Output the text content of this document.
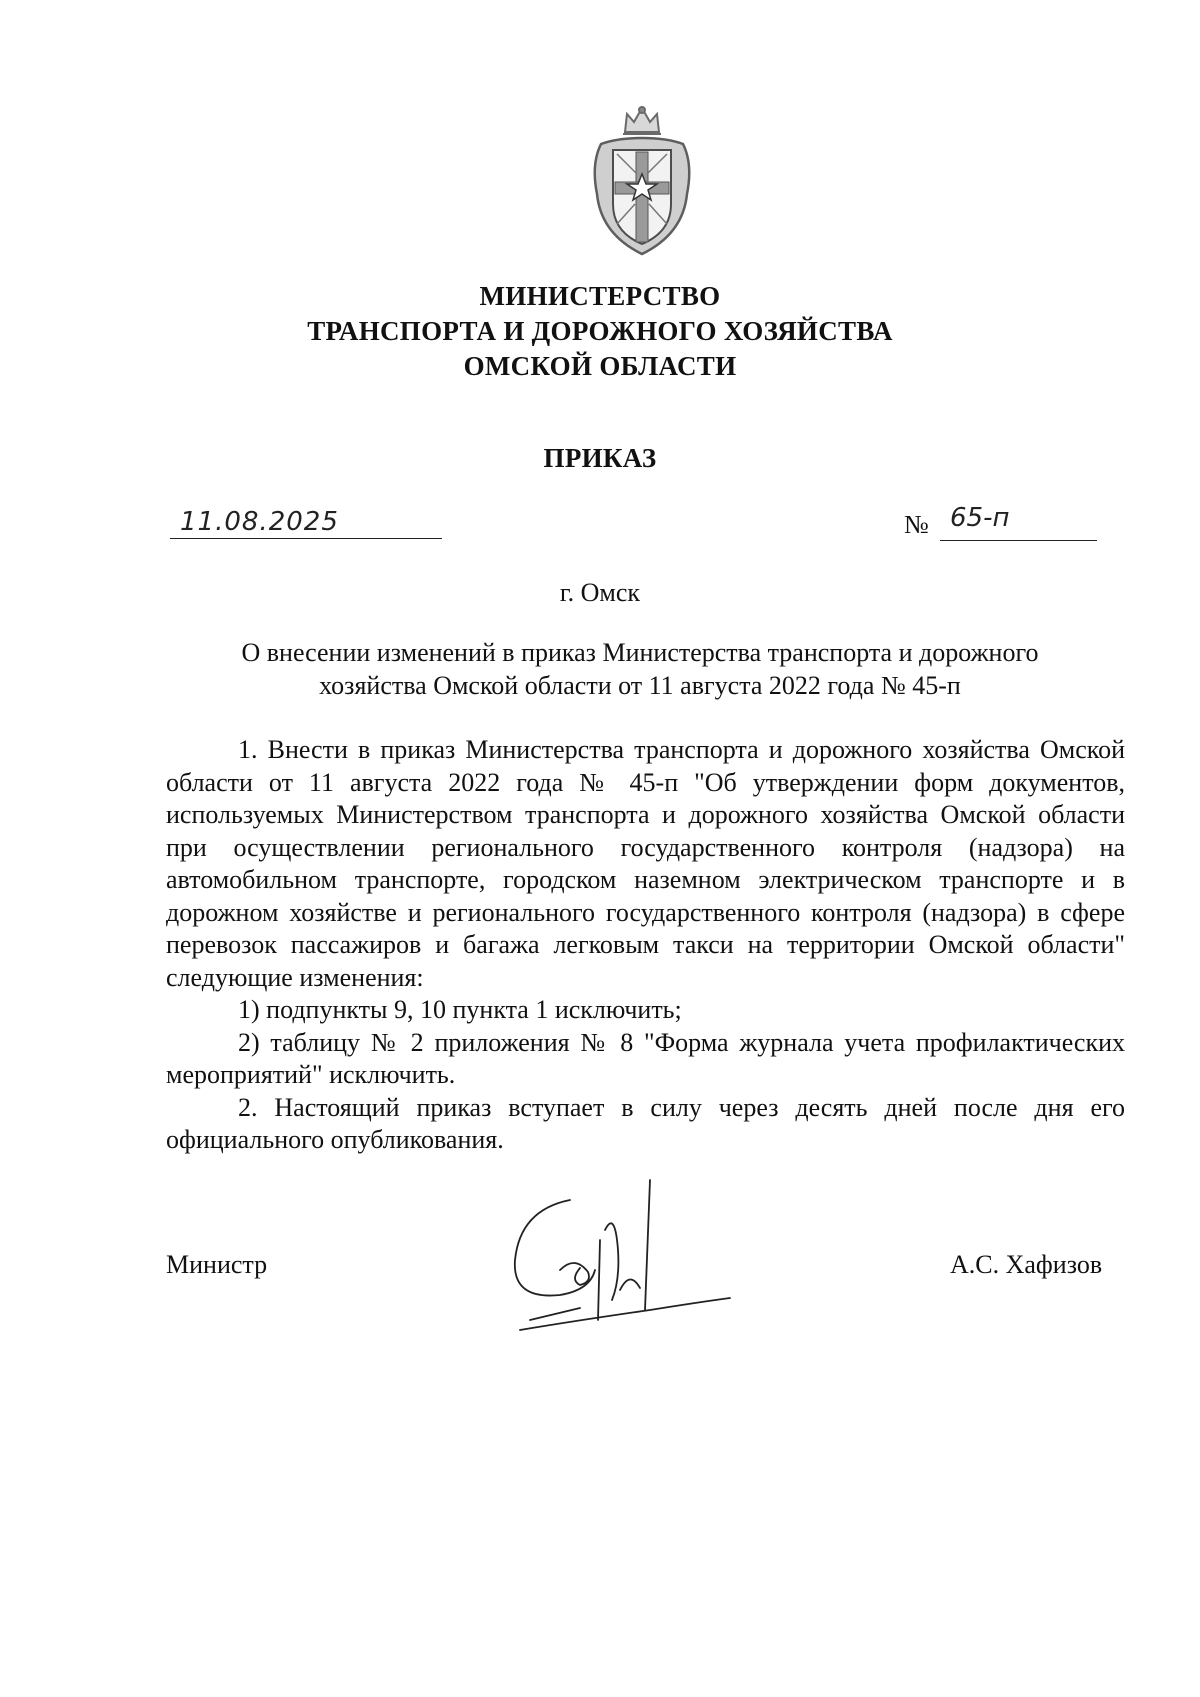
МИНИСТЕРСТВО
ТРАНСПОРТА И ДОРОЖНОГО ХОЗЯЙСТВА
ОМСКОЙ ОБЛАСТИ
ПРИКАЗ
11.08.2025	№ 65-п
г. Омск
О внесении изменений в приказ Министерства транспорта и дорожного хозяйства Омской области от 11 августа 2022 года № 45-п

1. Внести в приказ Министерства транспорта и дорожного хозяйства Омской области от 11 августа 2022 года № 45-п "Об утверждении форм документов, используемых Министерством транспорта и дорожного хозяйства Омской области при осуществлении регионального государственного контроля (надзора) на автомобильном транспорте, городском наземном электрическом транспорте и в дорожном хозяйстве и регионального государственного контроля (надзора) в сфере перевозок пассажиров и багажа легковым такси на территории Омской области" следующие изменения:

1) подпункты 9, 10 пункта 1 исключить;

2) таблицу № 2 приложения № 8 "Форма журнала учета профилактических мероприятий" исключить.

2. Настоящий приказ вступает в силу через десять дней после дня его официального опубликования.

Министр	А.С. Хафизов
